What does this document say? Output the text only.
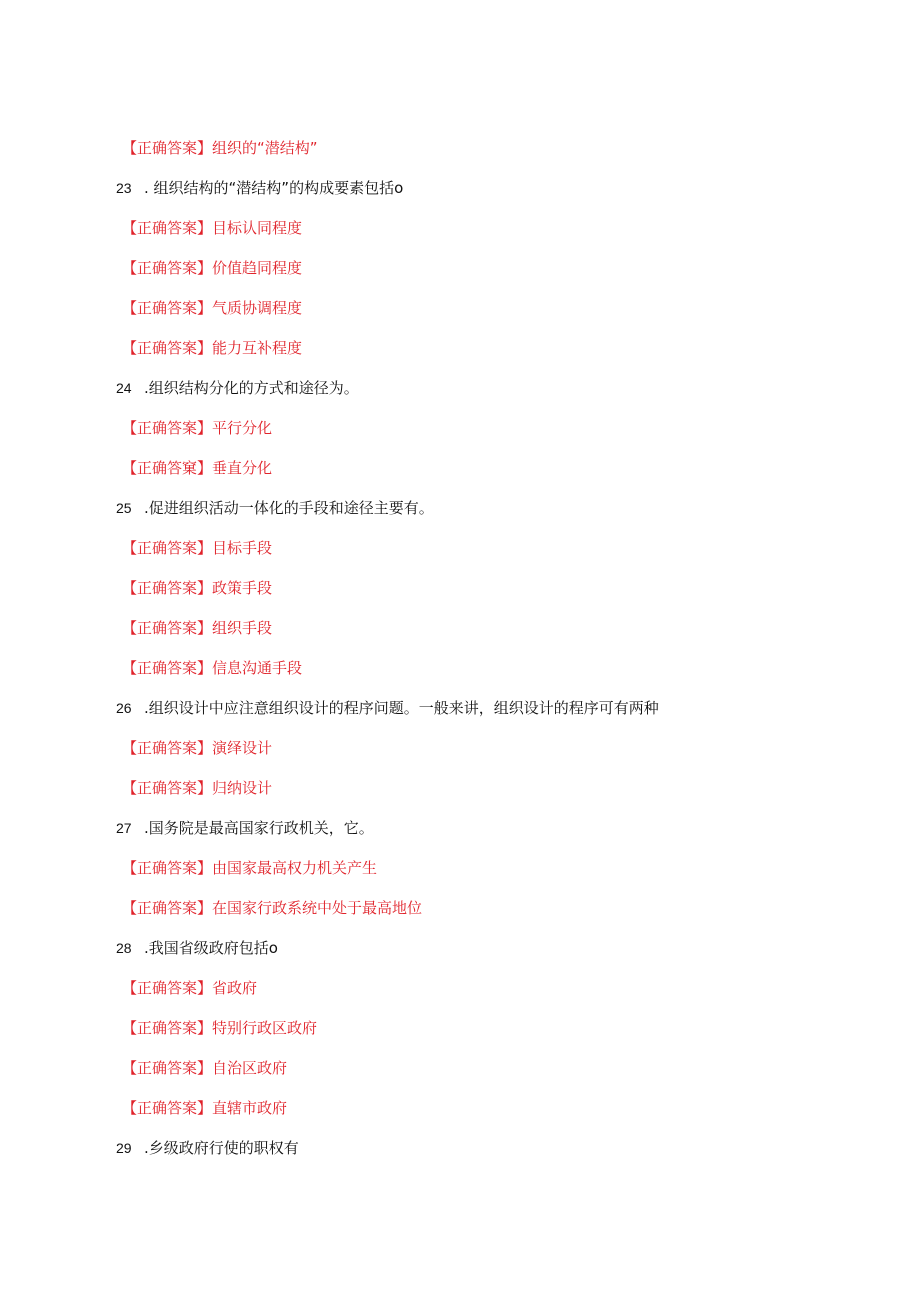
【正确答案】组织的“潜结构”
23 . 组织结构的“潜结构”的构成要素包括o
【正确答案】目标认同程度
【正确答案】价值趋同程度
【正确答案】气质协调程度
【正确答案】能力互补程度
24 .组织结构分化的方式和途径为。
【正确答案】平行分化
【正确答窠】垂直分化
25 .促进组织活动一体化的手段和途径主要有。
【正确答案】目标手段
【正确答案】政策手段
【正确答案】组织手段
【正确答案】信息沟通手段
26 .组织设计中应注意组织设计的程序问题。一般来讲，组织设计的程序可有两种
【正确答案】演绎设计
【正确答案】归纳设计
27 .国务院是最高国家行政机关，它。
【正确答案】由国家最高权力机关产生
【正确答案】在国家行政系统中处于最高地位
28 .我国省级政府包括o
【正确答案】省政府
【正确答案】特别行政区政府
【正确答案】自治区政府
【正确答案】直辖市政府
29 .乡级政府行使的职权有
